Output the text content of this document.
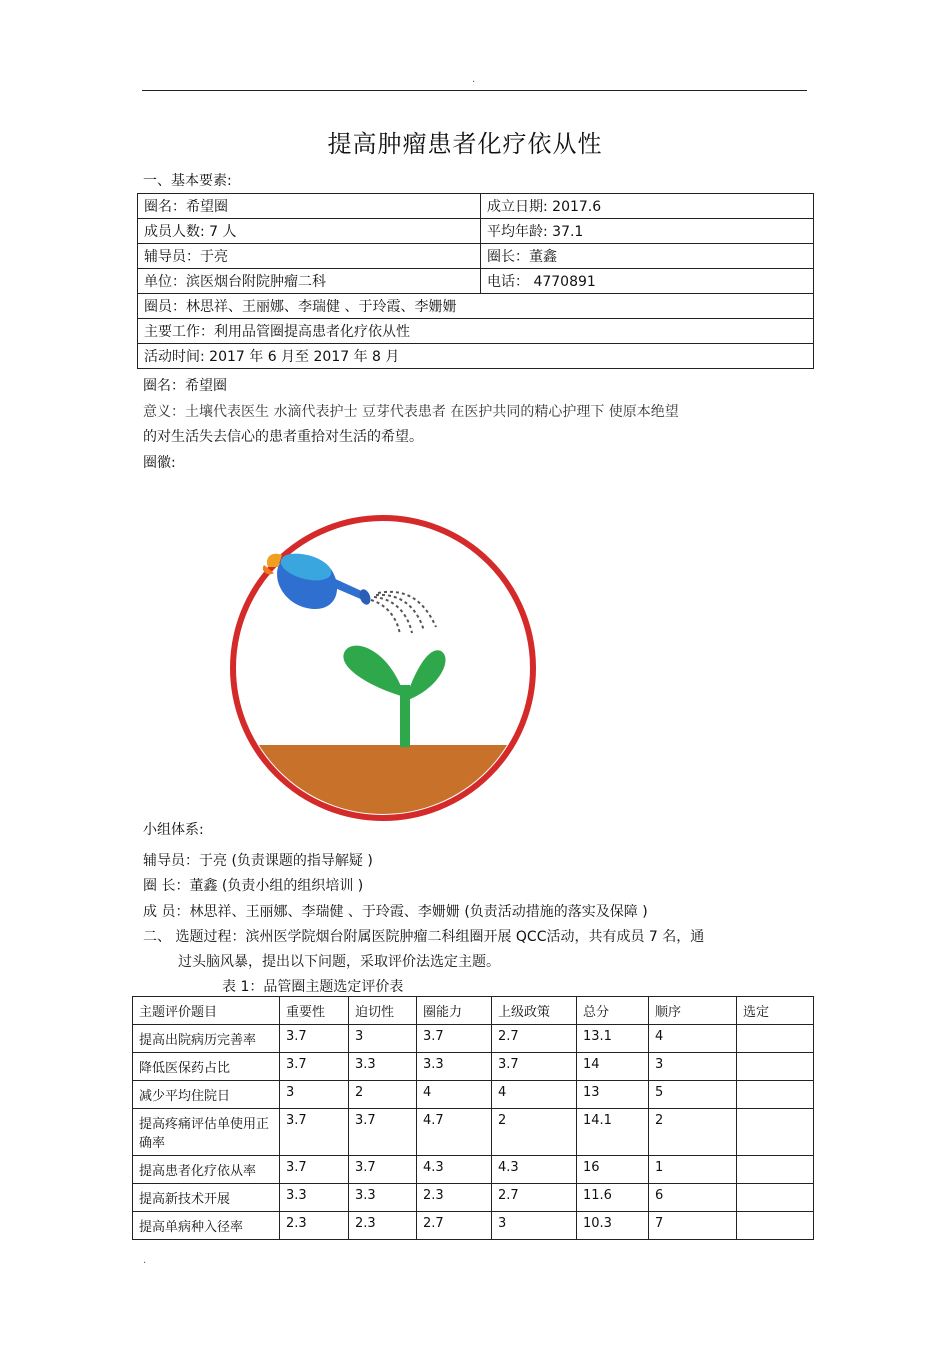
.
提高肿瘤患者化疗依从性
一、基本要素:
圈名：希望圈	成立日期: 2017.6
成员人数: 7 人	平均年龄: 37.1
辅导员：于亮	圈长：董鑫
单位：滨医烟台附院肿瘤二科	电话： 4770891
圈员：林思祥、王丽娜、李瑞健 、于玲霞、李姗姗	
主要工作：利用品管圈提高患者化疗依从性	
活动时间: 2017 年 6 月至 2017 年 8 月	
圈名：希望圈
意义：土壤代表医生 水滴代表护士 豆芽代表患者 在医护共同的精心护理下 使原本绝望
的对生活失去信心的患者重拾对生活的希望。
圈徽:
小组体系:
辅导员：于亮 (负责课题的指导解疑 )
圈 长：董鑫 (负责小组的组织培训 )
成 员：林思祥、王丽娜、李瑞健 、于玲霞、李姗姗 (负责活动措施的落实及保障 )
二、 选题过程：滨州医学院烟台附属医院肿瘤二科组圈开展 QCC活动，共有成员 7 名，通
过头脑风暴，提出以下问题，采取评价法选定主题。
表 1：品管圈主题选定评价表
主题评价题目	重要性	迫切性	圈能力	上级政策	总分	顺序	选定
提高出院病历完善率	3.7	3	3.7	2.7	13.1	4	
降低医保药占比	3.7	3.3	3.3	3.7	14	3	
减少平均住院日	3	2	4	4	13	5	
提高疼痛评估单使用正确率	3.7	3.7	4.7	2	14.1	2	
提高患者化疗依从率	3.7	3.7	4.3	4.3	16	1	
提高新技术开展	3.3	3.3	2.3	2.7	11.6	6	
提高单病种入径率	2.3	2.3	2.7	3	10.3	7	
.
